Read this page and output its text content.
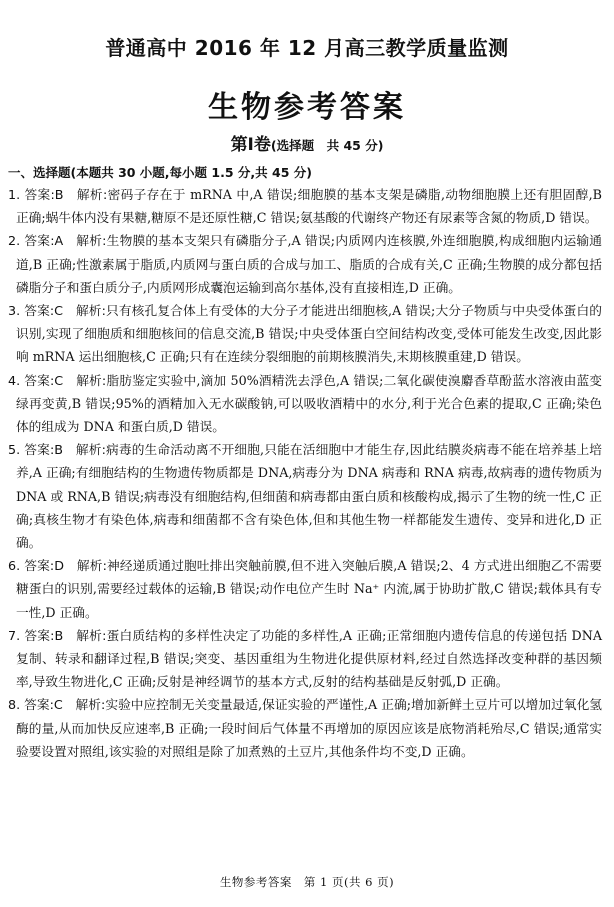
普通高中 2016 年 12 月高三教学质量监测
生物参考答案
第Ⅰ卷(选择题　共 45 分)
一、选择题(本题共 30 小题,每小题 1.5 分,共 45 分)

1. 答案:B　解析:密码子存在于 mRNA 中,A 错误;细胞膜的基本支架是磷脂,动物细胞膜上还有胆固醇,B 正确;蜗牛体内没有果糖,糖原不是还原性糖,C 错误;氨基酸的代谢终产物还有尿素等含氮的物质,D 错误。

2. 答案:A　解析:生物膜的基本支架只有磷脂分子,A 错误;内质网内连核膜,外连细胞膜,构成细胞内运输通道,B 正确;性激素属于脂质,内质网与蛋白质的合成与加工、脂质的合成有关,C 正确;生物膜的成分都包括磷脂分子和蛋白质分子,内质网形成囊泡运输到高尔基体,没有直接相连,D 正确。

3. 答案:C　解析:只有核孔复合体上有受体的大分子才能进出细胞核,A 错误;大分子物质与中央受体蛋白的识别,实现了细胞质和细胞核间的信息交流,B 错误;中央受体蛋白空间结构改变,受体可能发生改变,因此影响 mRNA 运出细胞核,C 正确;只有在连续分裂细胞的前期核膜消失,末期核膜重建,D 错误。

4. 答案:C　解析:脂肪鉴定实验中,滴加 50%酒精洗去浮色,A 错误;二氧化碳使溴麝香草酚蓝水溶液由蓝变绿再变黄,B 错误;95%的酒精加入无水碳酸钠,可以吸收酒精中的水分,利于光合色素的提取,C 正确;染色体的组成为 DNA 和蛋白质,D 错误。

5. 答案:B　解析:病毒的生命活动离不开细胞,只能在活细胞中才能生存,因此结膜炎病毒不能在培养基上培养,A 正确;有细胞结构的生物遗传物质都是 DNA,病毒分为 DNA 病毒和 RNA 病毒,故病毒的遗传物质为 DNA 或 RNA,B 错误;病毒没有细胞结构,但细菌和病毒都由蛋白质和核酸构成,揭示了生物的统一性,C 正确;真核生物才有染色体,病毒和细菌都不含有染色体,但和其他生物一样都能发生遗传、变异和进化,D 正确。

6. 答案:D　解析:神经递质通过胞吐排出突触前膜,但不进入突触后膜,A 错误;2、4 方式进出细胞乙不需要糖蛋白的识别,需要经过载体的运输,B 错误;动作电位产生时 Na⁺ 内流,属于协助扩散,C 错误;载体具有专一性,D 正确。

7. 答案:B　解析:蛋白质结构的多样性决定了功能的多样性,A 正确;正常细胞内遗传信息的传递包括 DNA 复制、转录和翻译过程,B 错误;突变、基因重组为生物进化提供原材料,经过自然选择改变种群的基因频率,导致生物进化,C 正确;反射是神经调节的基本方式,反射的结构基础是反射弧,D 正确。

8. 答案:C　解析:实验中应控制无关变量最适,保证实验的严谨性,A 正确;增加新鲜土豆片可以增加过氧化氢酶的量,从而加快反应速率,B 正确;一段时间后气体量不再增加的原因应该是底物消耗殆尽,C 错误;通常实验要设置对照组,该实验的对照组是除了加煮熟的土豆片,其他条件均不变,D 正确。

生物参考答案 第 1 页(共 6 页)
